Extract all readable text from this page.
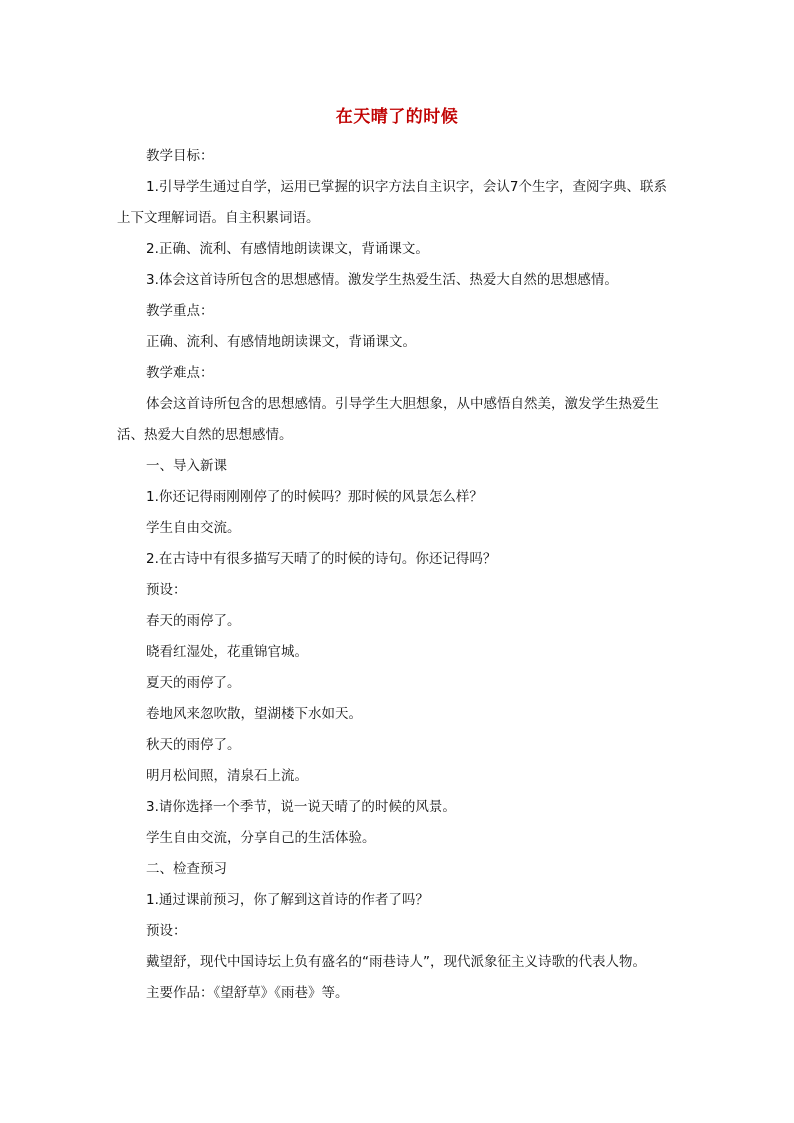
在天晴了的时候

教学目标：

1.引导学生通过自学，运用已掌握的识字方法自主识字，会认7个生字，查阅字典、联系上下文理解词语。自主积累词语。

2.正确、流利、有感情地朗读课文，背诵课文。

3.体会这首诗所包含的思想感情。激发学生热爱生活、热爱大自然的思想感情。

教学重点：

正确、流利、有感情地朗读课文，背诵课文。

教学难点：

体会这首诗所包含的思想感情。引导学生大胆想象，从中感悟自然美，激发学生热爱生活、热爱大自然的思想感情。

一、导入新课

1.你还记得雨刚刚停了的时候吗？那时候的风景怎么样？

学生自由交流。

2.在古诗中有很多描写天晴了的时候的诗句。你还记得吗？

预设：

春天的雨停了。

晓看红湿处，花重锦官城。

夏天的雨停了。

卷地风来忽吹散，望湖楼下水如天。

秋天的雨停了。

明月松间照，清泉石上流。

3.请你选择一个季节，说一说天晴了的时候的风景。

学生自由交流，分享自己的生活体验。

二、检查预习

1.通过课前预习，你了解到这首诗的作者了吗？

预设：

戴望舒，现代中国诗坛上负有盛名的“雨巷诗人”，现代派象征主义诗歌的代表人物。

主要作品：《望舒草》《雨巷》等。
